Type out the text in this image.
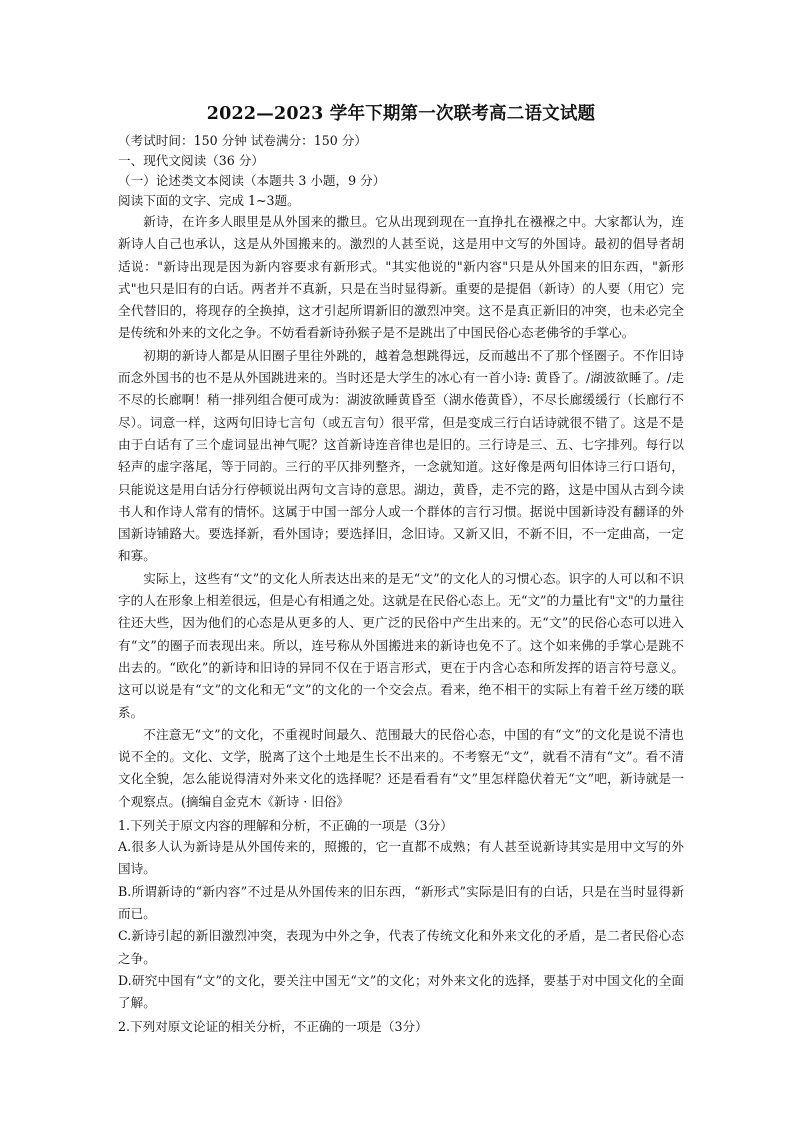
2022—2023 学年下期第一次联考高二语文试题
（考试时间：150 分钟 试卷满分：150 分）
一、现代文阅读（36 分）
（一）论述类文本阅读（本题共 3 小题，9 分）
阅读下面的文字、完成 1~3题。

新诗，在许多人眼里是从外国来的撒旦。它从出现到现在一直挣扎在襁褓之中。大家都认为，连新诗人自己也承认，这是从外国搬来的。激烈的人甚至说，这是用中文写的外国诗。最初的倡导者胡适说："新诗出现是因为新内容要求有新形式。"其实他说的"新内容"只是从外国来的旧东西，"新形式"也只是旧有的白话。两者并不真新，只是在当时显得新。重要的是提倡（新诗）的人要（用它）完全代替旧的，将现存的全换掉，这才引起所谓新旧的激烈冲突。这不是真正新旧的冲突，也未必完全是传统和外来的文化之争。不妨看看新诗孙猴子是不是跳出了中国民俗心态老佛爷的手掌心。

初期的新诗人都是从旧圈子里往外跳的，越着急想跳得远，反而越出不了那个怪圈子。不作旧诗而念外国书的也不是从外国跳进来的。当时还是大学生的冰心有一首小诗: 黄昏了。/湖波欲睡了。/走不尽的长廊啊！稍一排列组合便可成为：湖波欲睡黄昏至（湖水倦黄昏），不尽长廊缓缓行（长廊行不尽）。词意一样，这两句旧诗七言句（或五言句）很平常，但是变成三行白话诗就很不错了。这是不是由于白话有了三个虚词显出神气呢？这首新诗连音律也是旧的。三行诗是三、五、七字排列。每行以轻声的虚字落尾，等于同韵。三行的平仄排列整齐，一念就知道。这好像是两句旧体诗三行口语句，只能说这是用白话分行停顿说出两句文言诗的意思。湖边，黄昏，走不完的路，这是中国从古到今读书人和作诗人常有的情怀。这属于中国一部分人或一个群体的言行习惯。据说中国新诗没有翻译的外国新诗铺路大。要选择新，看外国诗；要选择旧，念旧诗。又新又旧，不新不旧，不一定曲高，一定和寡。

实际上，这些有“文”的文化人所表达出来的是无“文”的文化人的习惯心态。识字的人可以和不识字的人在形象上相差很远，但是心有相通之处。这就是在民俗心态上。无“文”的力量比有"文"的力量往往还大些，因为他们的心态是从更多的人、更广泛的民俗中产生出来的。无“文”的民俗心态可以进入有“文”的圈子而表现出来。所以，连号称从外国搬进来的新诗也免不了。这个如来佛的手掌心是跳不出去的。“欧化”的新诗和旧诗的异同不仅在于语言形式，更在于内含心态和所发挥的语言符号意义。这可以说是有“文”的文化和无“文”的文化的一个交会点。看来，绝不相干的实际上有着千丝万缕的联系。

不注意无“文”的文化，不重视时间最久、范围最大的民俗心态，中国的有“文”的文化是说不清也说不全的。文化、文学，脱离了这个土地是生长不出来的。不考察无“文”，就看不清有“文”。看不清文化全貌，怎么能说得清对外来文化的选择呢？还是看看有“文”里怎样隐伏着无“文”吧，新诗就是一个观察点。(摘编自金克木《新诗 · 旧俗》

1.下列关于原文内容的理解和分析，不正确的一项是（3分）

A.很多人认为新诗是从外国传来的，照搬的，它一直都不成熟；有人甚至说新诗其实是用中文写的外国诗。

B.所谓新诗的“新内容”不过是从外国传来的旧东西，“新形式”实际是旧有的白话，只是在当时显得新而已。

C.新诗引起的新旧激烈冲突，表现为中外之争，代表了传统文化和外来文化的矛盾，是二者民俗心态之争。

D.研究中国有“文”的文化，要关注中国无“文”的文化；对外来文化的选择，要基于对中国文化的全面了解。

2.下列对原文论证的相关分析，不正确的一项是（3分）
